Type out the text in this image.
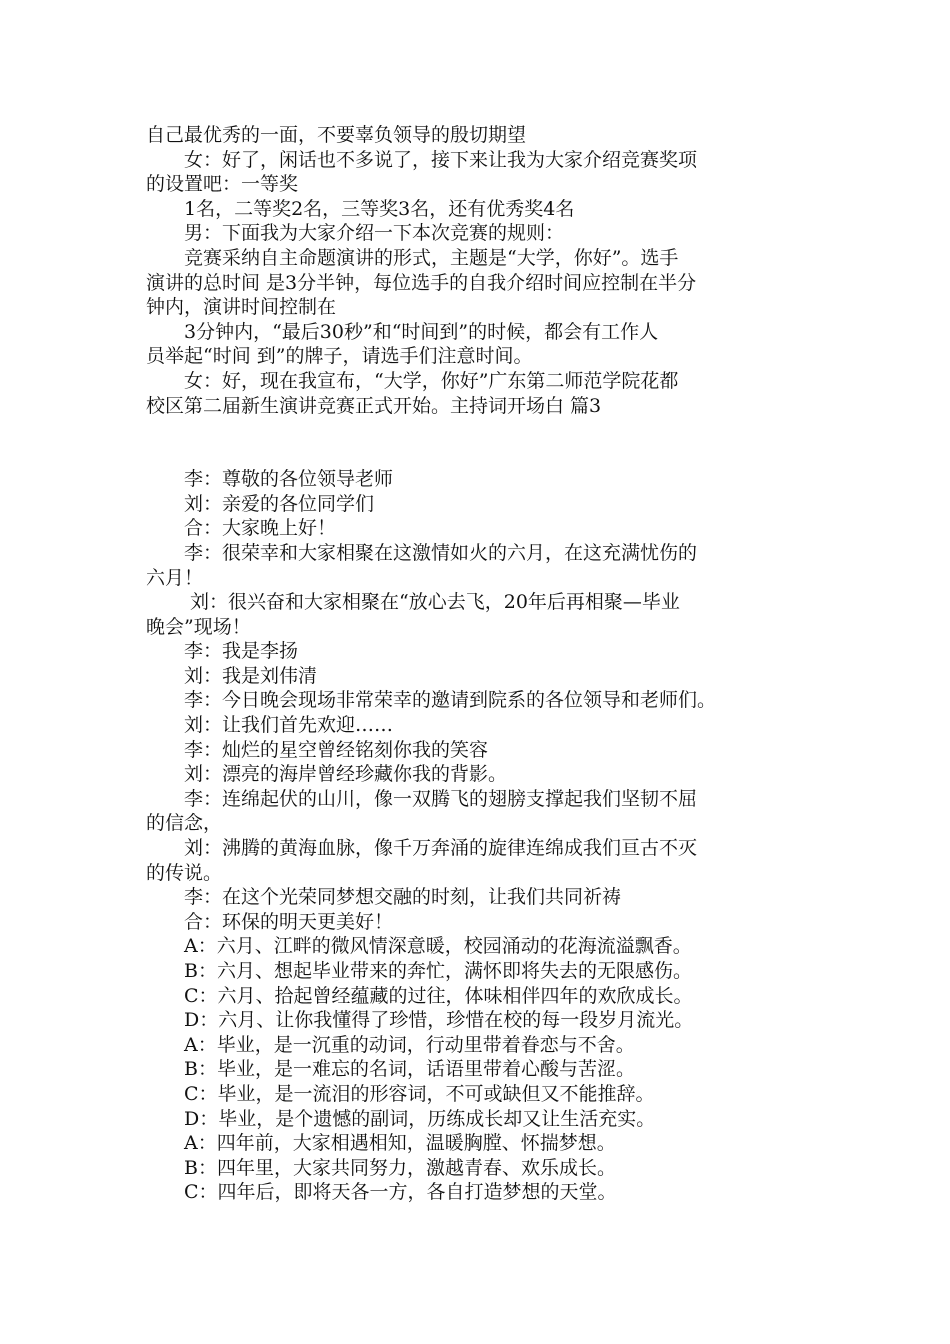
自己最优秀的一面，不要辜负领导的殷切期望

　　女：好了，闲话也不多说了，接下来让我为大家介绍竞赛奖项

的设置吧：一等奖

　　1名，二等奖2名，三等奖3名，还有优秀奖4名

　　男：下面我为大家介绍一下本次竞赛的规则：

　　竞赛采纳自主命题演讲的形式，主题是“大学，你好”。选手

演讲的总时间 是3分半钟，每位选手的自我介绍时间应控制在半分

钟内，演讲时间控制在

　　3分钟内，“最后30秒”和“时间到”的时候，都会有工作人

员举起“时间 到”的牌子，请选手们注意时间。

　　女：好，现在我宣布，“大学，你好”广东第二师范学院花都

校区第二届新生演讲竞赛正式开始。主持词开场白 篇3

　　李：尊敬的各位领导老师

　　刘：亲爱的各位同学们

　　合：大家晚上好！

　　李：很荣幸和大家相聚在这激情如火的六月，在这充满忧伤的

六月！

　　 刘：很兴奋和大家相聚在“放心去飞，20年后再相聚—毕业

晚会”现场！

　　李：我是李扬

　　刘：我是刘伟清

　　李：今日晚会现场非常荣幸的邀请到院系的各位领导和老师们。

　　刘：让我们首先欢迎……

　　李：灿烂的星空曾经铭刻你我的笑容

　　刘：漂亮的海岸曾经珍藏你我的背影。

　　李：连绵起伏的山川，像一双腾飞的翅膀支撑起我们坚韧不屈

的信念，

　　刘：沸腾的黄海血脉，像千万奔涌的旋律连绵成我们亘古不灭

的传说。

　　李：在这个光荣同梦想交融的时刻，让我们共同祈祷

　　合：环保的明天更美好！

　　A：六月、江畔的微风情深意暖，校园涌动的花海流溢飘香。

　　B：六月、想起毕业带来的奔忙，满怀即将失去的无限感伤。

　　C：六月、拾起曾经蕴藏的过往，体味相伴四年的欢欣成长。

　　D：六月、让你我懂得了珍惜，珍惜在校的每一段岁月流光。

　　A：毕业，是一沉重的动词，行动里带着眷恋与不舍。

　　B：毕业，是一难忘的名词，话语里带着心酸与苦涩。

　　C：毕业，是一流泪的形容词，不可或缺但又不能推辞。

　　D：毕业，是个遗憾的副词，历练成长却又让生活充实。

　　A：四年前，大家相遇相知，温暖胸膛、怀揣梦想。

　　B：四年里，大家共同努力，激越青春、欢乐成长。

　　C：四年后，即将天各一方，各自打造梦想的天堂。
